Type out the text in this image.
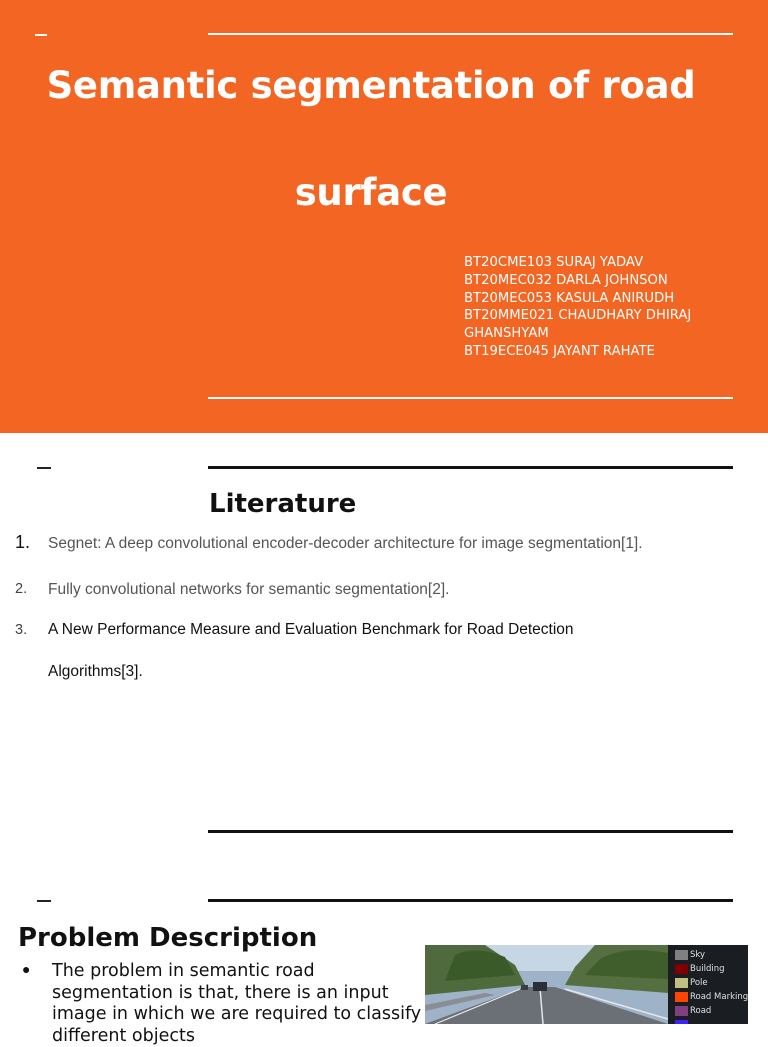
Semantic segmentation of road
surface
BT20CME103 SURAJ YADAV
BT20MEC032 DARLA JOHNSON
BT20MEC053 KASULA ANIRUDH
BT20MME021 CHAUDHARY DHIRAJ
GHANSHYAM
BT19ECE045 JAYANT RAHATE
Literature
1. Segnet: A deep convolutional encoder-decoder architecture for image segmentation[1].
2. Fully convolutional networks for semantic segmentation[2].
3. A New Performance Measure and Evaluation Benchmark for Road Detection
Algorithms[3].
Problem Description
● The problem in semantic road segmentation is that, there is an input image in which we are required to classify different objects
Sky
Building
Pole
Road Marking
Road
